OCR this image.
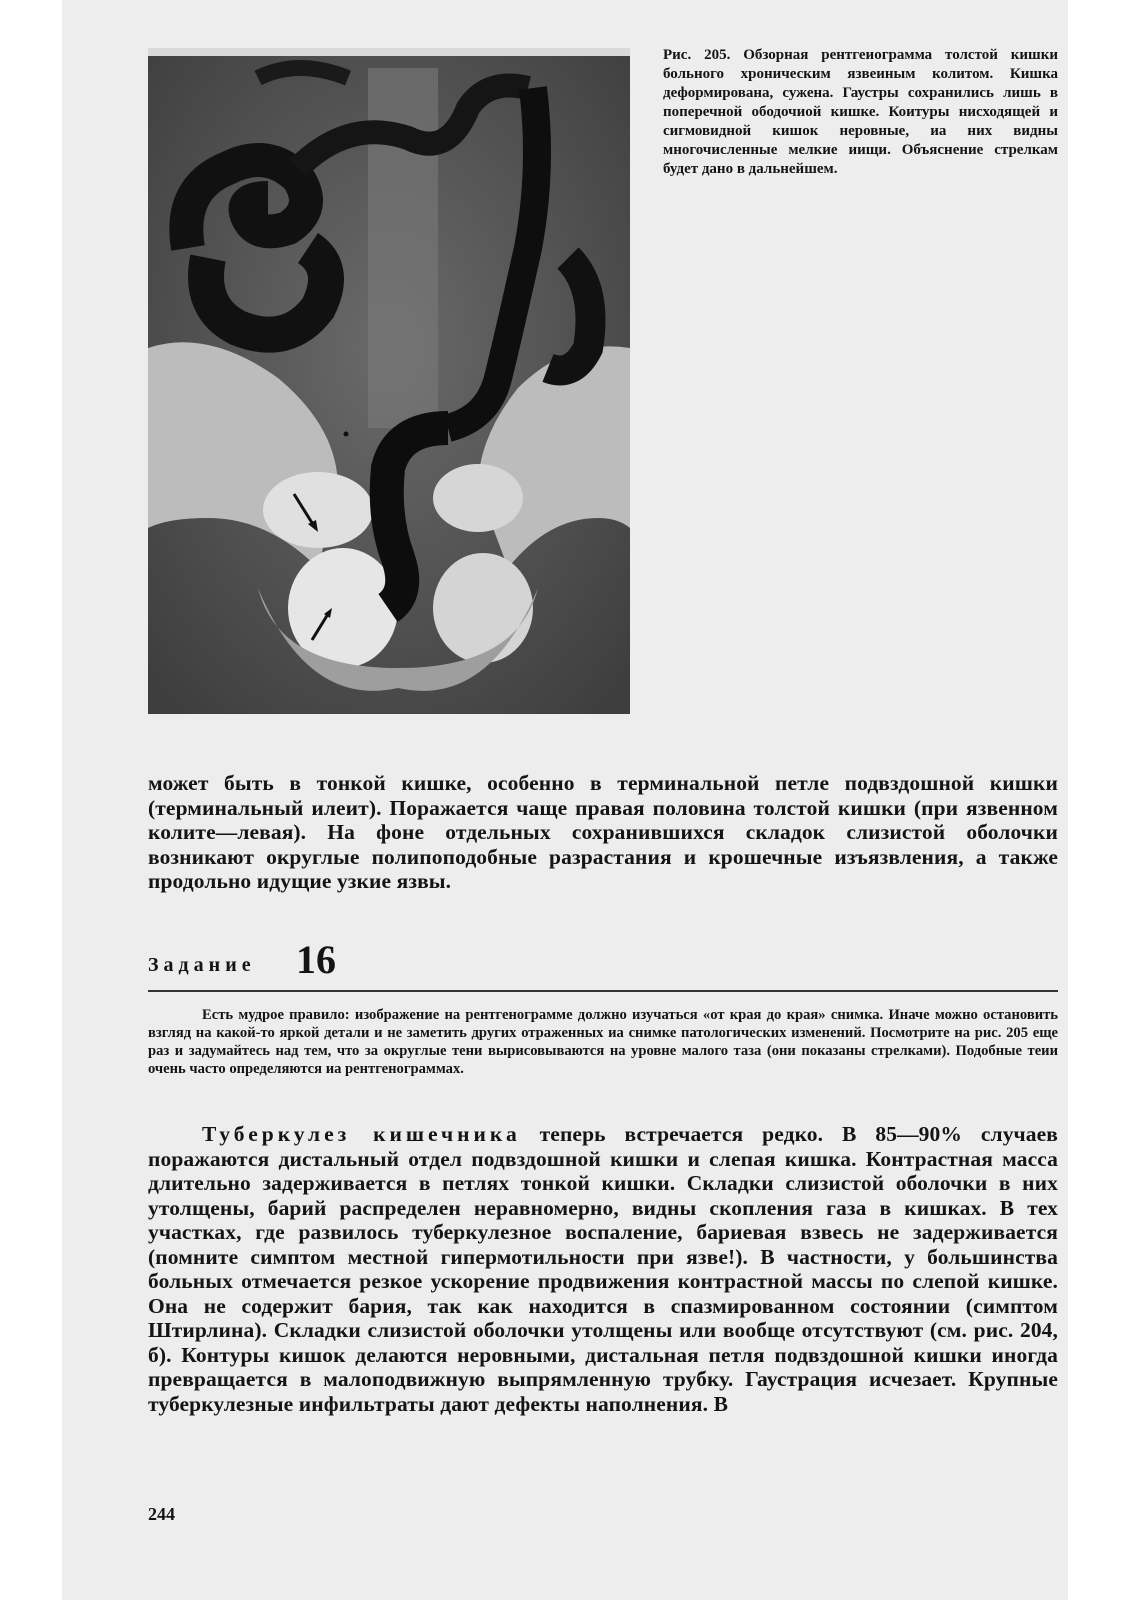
Рис. 205. Обзорная рентгеиограмма толстой кишки больного хроническим язвеиным колитом. Кишка деформирована, сужена. Гаустры сохранились лишь в поперечной ободочиой кишке. Коитуры нисходящей и сигмовидной кишок неровные, иа них видны многочисленные мелкие иищи. Объяснение стрелкам будет дано в дальнейшем.
может быть в тонкой кишке, особенно в терминальной петле подвздошной кишки (терминальный илеит). Поражается чаще правая половина толстой кишки (при язвенном колите—левая). На фоне отдельных сохранившихся складок слизистой оболочки возникают округлые полипоподобные разрастания и крошечные изъязвления, а также продольно идущие узкие язвы.
Задание 16
Есть мудрое правило: изображение на рентгенограмме должно изучаться «от края до края» снимка. Иначе можно остановить взгляд на какой-то яркой детали и не заметить других отраженных иа снимке патологических изменений. Посмотрите на рис. 205 еще раз и задумайтесь над тем, что за округлые тени вырисовываются на уровне малого таза (они показаны стрелками). Подобные теии очень часто определяются иа рентгенограммах.
Туберкулез кишечника теперь встречается редко. В 85—90% случаев поражаются дистальный отдел подвздошной кишки и слепая кишка. Контрастная масса длительно задерживается в петлях тонкой кишки. Складки слизистой оболочки в них утолщены, барий распределен неравномерно, видны скопления газа в кишках. В тех участках, где развилось туберкулезное воспаление, бариевая взвесь не задерживается (помните симптом местной гипермотильности при язве!). В частности, у большинства больных отмечается резкое ускорение продвижения контрастной массы по слепой кишке. Она не содержит бария, так как находится в спазмированном состоянии (симптом Штирлина). Складки слизистой оболочки утолщены или вообще отсутствуют (см. рис. 204, б). Контуры кишок делаются неровными, дистальная петля подвздошной кишки иногда превращается в малоподвижную выпрямленную трубку. Гаустрация исчезает. Крупные туберкулезные инфильтраты дают дефекты наполнения. В
244
